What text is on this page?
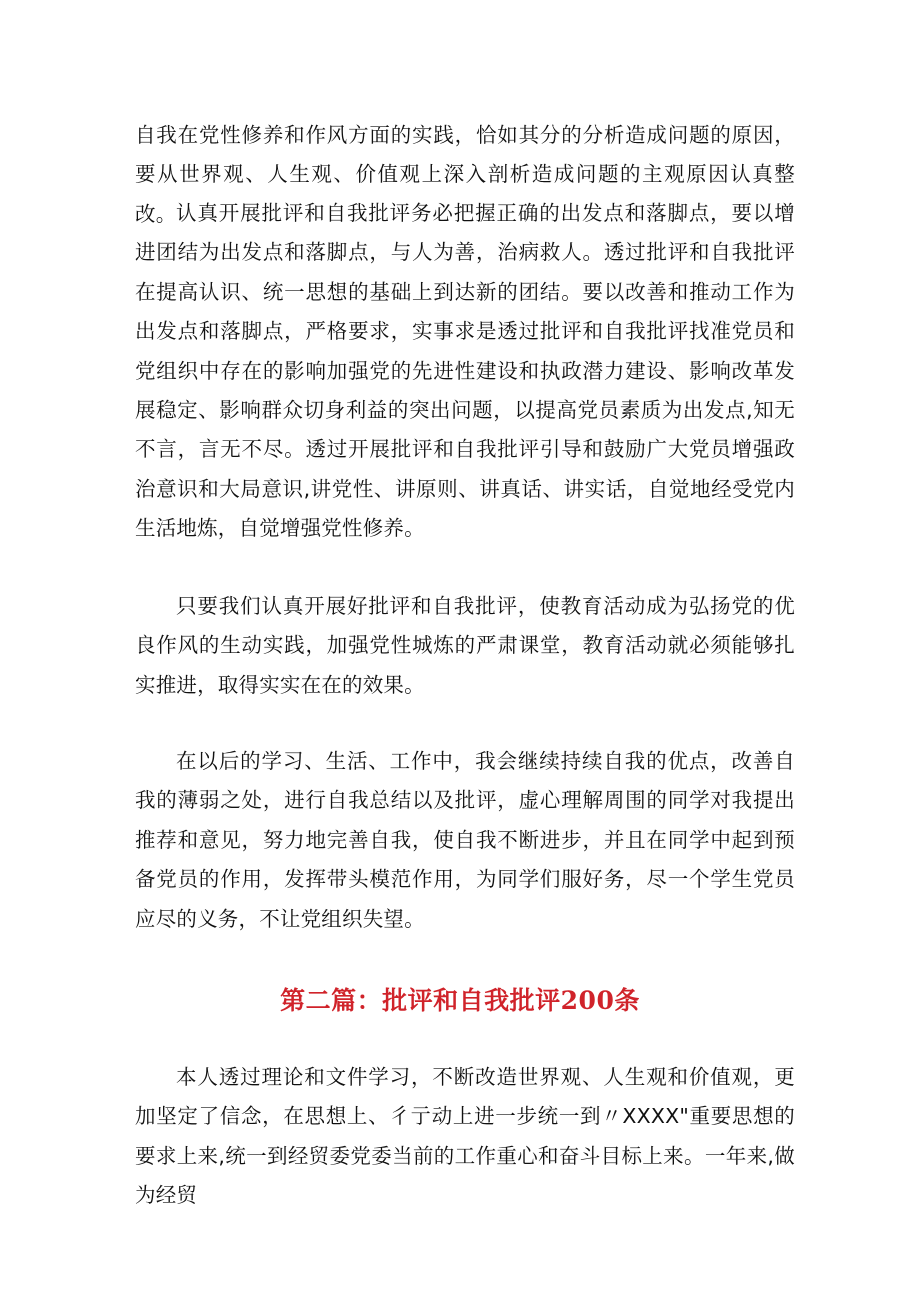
自我在党性修养和作风方面的实践，恰如其分的分析造成问题的原因，要从世界观、人生观、价值观上深入剖析造成问题的主观原因认真整改。 认真开展批评和自我批评务必把握正确的出发点和落脚点，要以增进团结为出发点和落脚点，与人为善，治病救人。透过批评和自我批评在提高认识、统一思想的基础上到达新的团结。要以改善和推动工作为出发点和落脚点，严格要求，实事求是透过批评和自我批评找准党员和党组织中存在的影响加强党的先进性建设和执政潜力建设、影响改革发展稳定、影响群众切身利益的突出问题，以提高党员素质为出发点,知无不言，言无不尽。透过开展批评和自我批评引导和鼓励广大党员增强政治意识和大局意识,讲党性、讲原则、讲真话、讲实话，自觉地经受党内生活地炼，自觉增强党性修养。

只要我们认真开展好批评和自我批评，使教育活动成为弘扬党的优良作风的生动实践，加强党性城炼的严肃课堂，教育活动就必须能够扎实推进，取得实实在在的效果。

在以后的学习、生活、工作中，我会继续持续自我的优点，改善自我的薄弱之处，进行自我总结以及批评，虚心理解周围的同学对我提出推荐和意见，努力地完善自我，使自我不断进步，并且在同学中起到预备党员的作用，发挥带头模范作用，为同学们服好务，尽一个学生党员应尽的义务，不让党组织失望。

第二篇：批评和自我批评200条

本人透过理论和文件学习，不断改造世界观、人生观和价值观，更加坚定了信念，在思想上、彳亍动上进一步统一到〃XXXX"重要思想的要求上来,统一到经贸委党委当前的工作重心和奋斗目标上来。一年来,做为经贸
